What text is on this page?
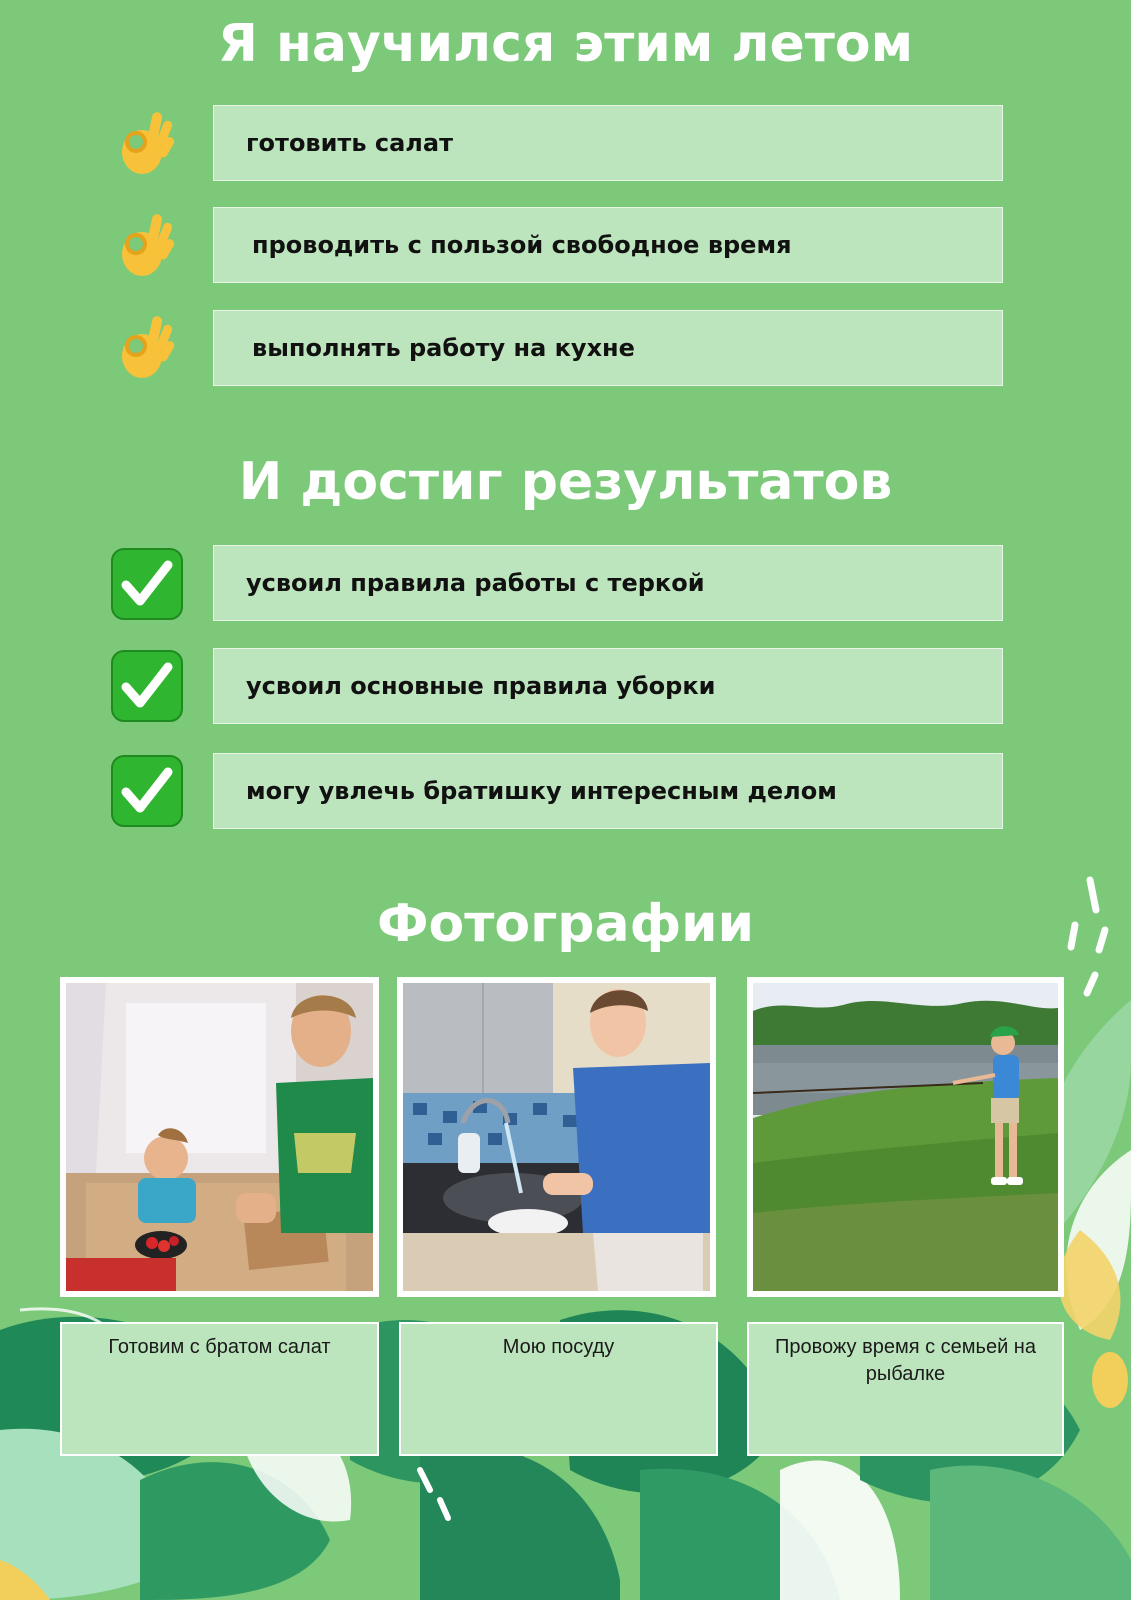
Я научился этим летом
готовить салат
проводить с пользой свободное время
выполнять работу на кухне
И достиг результатов
усвоил правила работы с теркой
усвоил основные правила уборки
могу увлечь братишку интересным делом
Фотографии
Готовим с братом салат	Мою посуду	Провожу время с семьей на рыбалке
